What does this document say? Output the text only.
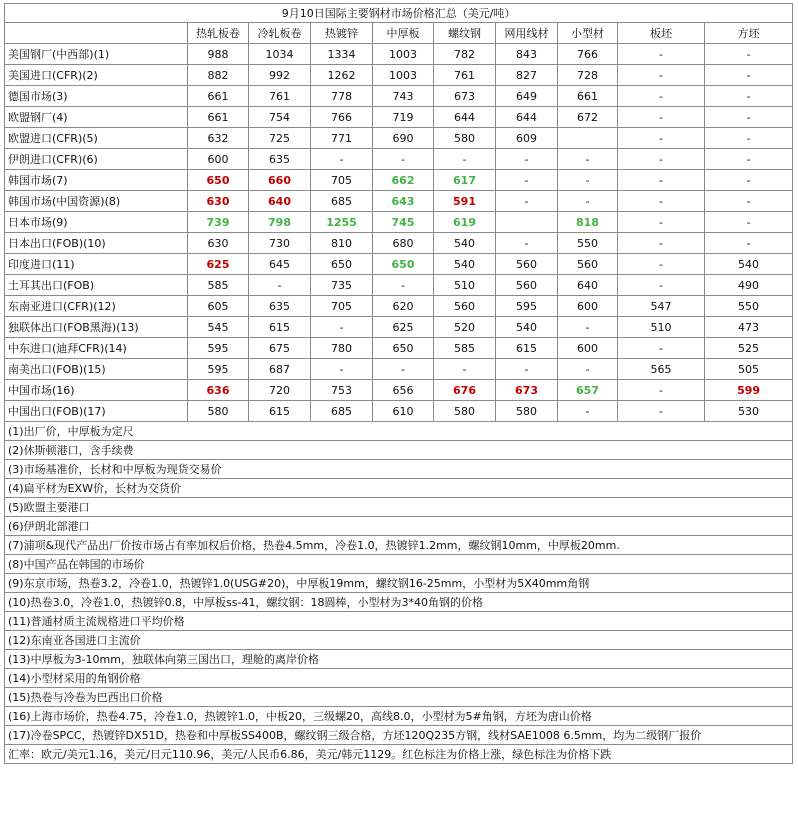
9月10日国际主要钢材市场价格汇总（美元/吨）									
	热轧板卷	冷轧板卷	热镀锌	中厚板	螺纹钢	网用线材	小型材	板坯	方坯
美国钢厂(中西部)(1)	988	1034	1334	1003	782	843	766	-	-
美国进口(CFR)(2)	882	992	1262	1003	761	827	728	-	-
德国市场(3)	661	761	778	743	673	649	661	-	-
欧盟钢厂(4)	661	754	766	719	644	644	672	-	-
欧盟进口(CFR)(5)	632	725	771	690	580	609		-	-
伊朗进口(CFR)(6)	600	635	-	-	-	-	-	-	-
韩国市场(7)	650	660	705	662	617	-	-	-	-
韩国市场(中国资源)(8)	630	640	685	643	591	-	-	-	-
日本市场(9)	739	798	1255	745	619		818	-	-
日本出口(FOB)(10)	630	730	810	680	540	-	550	-	-
印度进口(11)	625	645	650	650	540	560	560	-	540
土耳其出口(FOB)	585	-	735	-	510	560	640	-	490
东南亚进口(CFR)(12)	605	635	705	620	560	595	600	547	550
独联体出口(FOB黑海)(13)	545	615	-	625	520	540	-	510	473
中东进口(迪拜CFR)(14)	595	675	780	650	585	615	600	-	525
南美出口(FOB)(15)	595	687	-	-	-	-	-	565	505
中国市场(16)	636	720	753	656	676	673	657	-	599
中国出口(FOB)(17)	580	615	685	610	580	580	-	-	530
(1)出厂价，中厚板为定尺									
(2)休斯顿港口，含手续费									
(3)市场基准价，长材和中厚板为现货交易价									
(4)扁平材为EXW价，长材为交货价									
(5)欧盟主要港口									
(6)伊朗北部港口									
(7)浦项&现代产品出厂价按市场占有率加权后价格，热卷4.5mm，冷卷1.0，热镀锌1.2mm，螺纹钢10mm，中厚板20mm.									
(8)中国产品在韩国的市场价									
(9)东京市场，热卷3.2，冷卷1.0，热镀锌1.0(USG#20)，中厚板19mm，螺纹钢16-25mm，小型材为5X40mm角钢									
(10)热卷3.0，冷卷1.0，热镀锌0.8，中厚板ss-41，螺纹钢：18圆棒，小型材为3*40角钢的价格									
(11)普通材质主流规格进口平均价格									
(12)东南亚各国进口主流价									
(13)中厚板为3-10mm，独联体向第三国出口，理舱的离岸价格									
(14)小型材采用的角钢价格									
(15)热卷与冷卷为巴西出口价格									
(16)上海市场价，热卷4.75，冷卷1.0，热镀锌1.0，中板20，三级螺20，高线8.0，小型材为5#角钢，方坯为唐山价格									
(17)冷卷SPCC，热镀锌DX51D，热卷和中厚板SS400B，螺纹钢三级合格，方坯120Q235方钢，线材SAE1008 6.5mm，均为二级钢厂报价									
汇率：欧元/美元1.16，美元/日元110.96，美元/人民币6.86，美元/韩元1129。红色标注为价格上涨，绿色标注为价格下跌									
